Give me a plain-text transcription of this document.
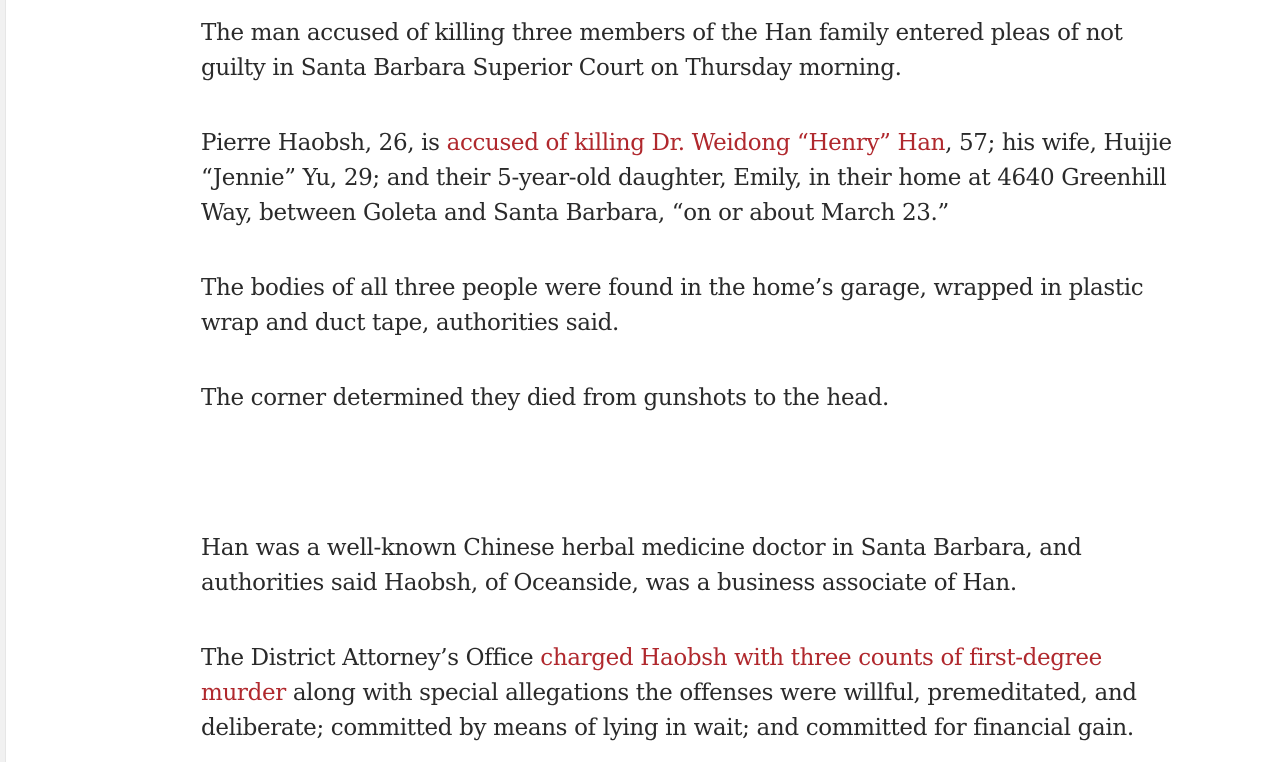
The man accused of killing three members of the Han family entered pleas of not guilty in Santa Barbara Superior Court on Thursday morning.

Pierre Haobsh, 26, is accused of killing Dr. Weidong “Henry” Han, 57; his wife, Huijie “Jennie” Yu, 29; and their 5-year-old daughter, Emily, in their home at 4640 Greenhill Way, between Goleta and Santa Barbara, “on or about March 23.”

The bodies of all three people were found in the home’s garage, wrapped in plastic wrap and duct tape, authorities said.

The corner determined they died from gunshots to the head.

Han was a well-known Chinese herbal medicine doctor in Santa Barbara, and authorities said Haobsh, of Oceanside, was a business associate of Han.

The District Attorney’s Office charged Haobsh with three counts of first-degree murder along with special allegations the offenses were willful, premeditated, and deliberate; committed by means of lying in wait; and committed for financial gain.
